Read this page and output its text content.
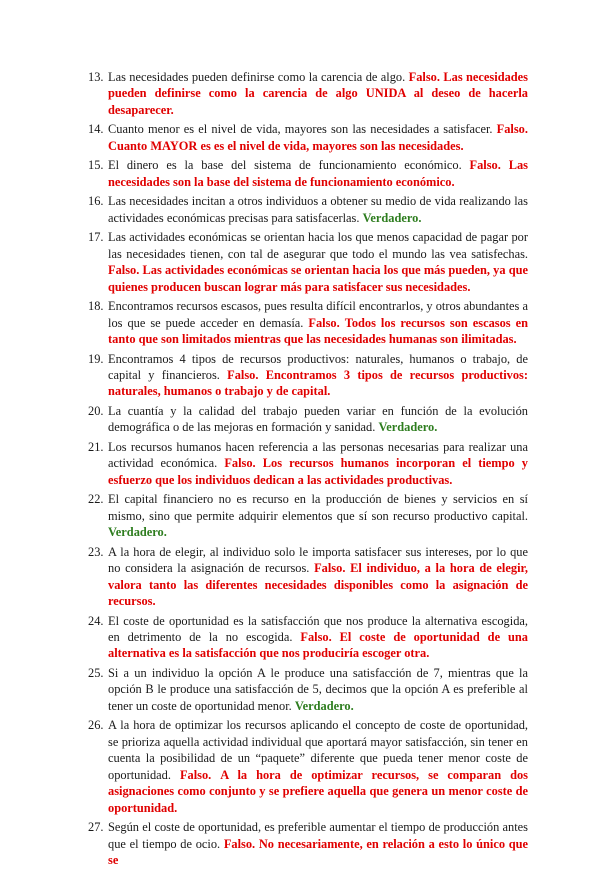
13. Las necesidades pueden definirse como la carencia de algo. Falso. Las necesidades pueden definirse como la carencia de algo UNIDA al deseo de hacerla desaparecer.
14. Cuanto menor es el nivel de vida, mayores son las necesidades a satisfacer. Falso. Cuanto MAYOR es es el nivel de vida, mayores son las necesidades.
15. El dinero es la base del sistema de funcionamiento económico. Falso. Las necesidades son la base del sistema de funcionamiento económico.
16. Las necesidades incitan a otros individuos a obtener su medio de vida realizando las actividades económicas precisas para satisfacerlas. Verdadero.
17. Las actividades económicas se orientan hacia los que menos capacidad de pagar por las necesidades tienen, con tal de asegurar que todo el mundo las vea satisfechas. Falso. Las actividades económicas se orientan hacia los que más pueden, ya que quienes producen buscan lograr más para satisfacer sus necesidades.
18. Encontramos recursos escasos, pues resulta difícil encontrarlos, y otros abundantes a los que se puede acceder en demasía. Falso. Todos los recursos son escasos en tanto que son limitados mientras que las necesidades humanas son ilimitadas.
19. Encontramos 4 tipos de recursos productivos: naturales, humanos o trabajo, de capital y financieros. Falso. Encontramos 3 tipos de recursos productivos: naturales, humanos o trabajo y de capital.
20. La cuantía y la calidad del trabajo pueden variar en función de la evolución demográfica o de las mejoras en formación y sanidad. Verdadero.
21. Los recursos humanos hacen referencia a las personas necesarias para realizar una actividad económica. Falso. Los recursos humanos incorporan el tiempo y esfuerzo que los individuos dedican a las actividades productivas.
22. El capital financiero no es recurso en la producción de bienes y servicios en sí mismo, sino que permite adquirir elementos que sí son recurso productivo capital. Verdadero.
23. A la hora de elegir, al individuo solo le importa satisfacer sus intereses, por lo que no considera la asignación de recursos. Falso. El individuo, a la hora de elegir, valora tanto las diferentes necesidades disponibles como la asignación de recursos.
24. El coste de oportunidad es la satisfacción que nos produce la alternativa escogida, en detrimento de la no escogida. Falso. El coste de oportunidad de una alternativa es la satisfacción que nos produciría escoger otra.
25. Si a un individuo la opción A le produce una satisfacción de 7, mientras que la opción B le produce una satisfacción de 5, decimos que la opción A es preferible al tener un coste de oportunidad menor. Verdadero.
26. A la hora de optimizar los recursos aplicando el concepto de coste de oportunidad, se prioriza aquella actividad individual que aportará mayor satisfacción, sin tener en cuenta la posibilidad de un “paquete” diferente que pueda tener menor coste de oportunidad. Falso. A la hora de optimizar recursos, se comparan dos asignaciones como conjunto y se prefiere aquella que genera un menor coste de oportunidad.
27. Según el coste de oportunidad, es preferible aumentar el tiempo de producción antes que el tiempo de ocio. Falso. No necesariamente, en relación a esto lo único que se
